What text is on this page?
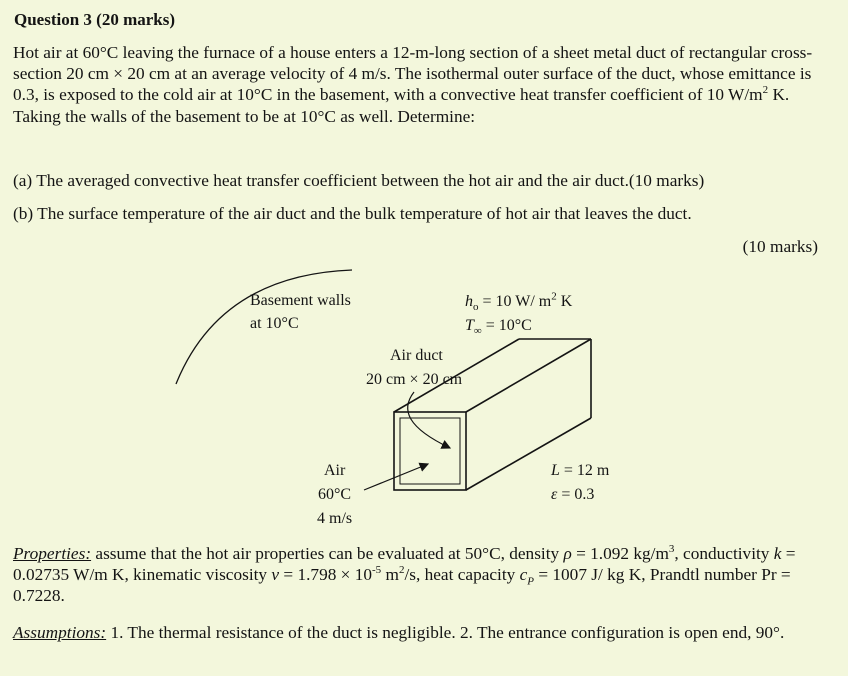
Question 3 (20 marks)

Hot air at 60°C leaving the furnace of a house enters a 12-m-long section of a sheet metal duct of rectangular cross-section 20 cm × 20 cm at an average velocity of 4 m/s. The isothermal outer surface of the duct, whose emittance is 0.3, is exposed to the cold air at 10°C in the basement, with a convective heat transfer coefficient of 10 $W/m^2$ K. Taking the walls of the basement to be at 10°C as well. Determine:

(a) The averaged convective heat transfer coefficient between the hot air and the air duct.(10 marks)
(b) The surface temperature of the air duct and the bulk temperature of hot air that leaves the duct.
(10 marks)
Basement walls
at 10°C
$h_o = 10$ W/ $m^2$ K
$T_\infty = 10^\circ C$
Air duct
20 cm × 20 cm
Air
60°C
4 m/s
L = 12 m
ε = 0.3

Properties: assume that the hot air properties can be evaluated at 50°C, density ρ = 1.092 $kg/m^3$, conductivity k = 0.02735 W/m K, kinematic viscosity $v = 1.798 \times 10^{-5}$ $m^2/s$, heat capacity $c_P = 1007$ J/ kg K, Prandtl number Pr = 0.7228.

Assumptions: 1. The thermal resistance of the duct is negligible. 2. The entrance configuration is open end, 90°.
